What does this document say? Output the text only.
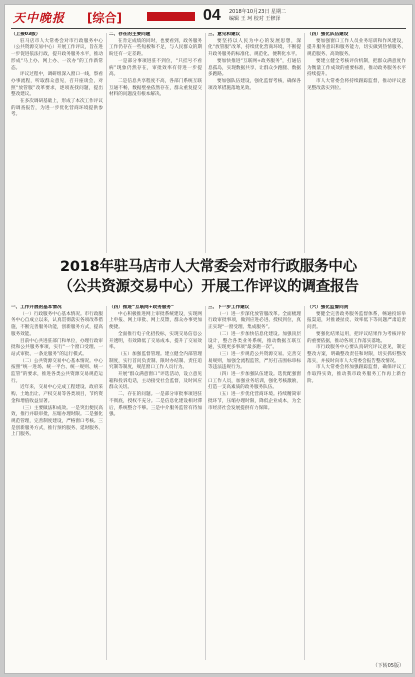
天中晚报 [综合]	04 2018年10月23日 星期二
编辑 王 珂 校对 王修泽

（上接03版）

驻马店市人大常委会对市行政服务中心（公共资源交易中心）开展工作评议，旨在进一步促进依法行政，提升政务服务水平，推动形成“马上办、网上办、一次办”的工作新常态。

评议过程中，调研组深入窗口一线，察看办事流程，听取群众意见，召开座谈会，对照“放管服”改革要求，逐项查找问题，提出整改建议。

在多次调研基础上，形成了本次工作评议的调查报告，为进一步优化营商环境提供参考。

二、存在的主要问题

在肯定成绩的同时，也要看到，政务服务工作仍存在一些短板和不足，与人民群众的期盼还有一定差距。

一是部分事项进驻不到位，“只挂号不看病”现象仍然存在，审批效率有待进一步提高。

二是信息共享程度不高，各部门系统互联互通不畅，数据壁垒依然存在，群众重复提交材料的问题没有根本解决。

三、意见和建议

要坚持以人民为中心的发展思想，深化“放管服”改革，持续优化营商环境，不断提升政务服务的标准化、规范化、便利化水平。

要加快推进“互联网+政务服务”，打通信息孤岛，实现数据共享，让群众少跑腿、数据多跑路。

要加强队伍建设，强化监督考核，确保各项改革措施落地见效。

（四）强化队伍建设

要加强窗口工作人员业务培训和作风建设，提升服务意识和服务能力，切实做到热情服务、规范服务、高效服务。

要建立健全考核评价机制，把群众满意度作为衡量工作成效的重要标准，推动政务服务水平持续提升。

市人大常委会将持续跟踪监督，推动评议意见整改落实到位。

2018年驻马店市人大常委会对市行政服务中心
（公共资源交易中心）开展工作评议的调查报告

一、工作开展的基本情况

（一）行政服务中心基本情况。市行政服务中心自成立以来，认真贯彻落实各项改革措施，不断完善服务功能，创新服务方式，提高服务效能。

目前中心共进驻部门和单位，办理行政审批和公共服务事项，实行“一个窗口受理、一站式审批、一条龙服务”的运行模式。

（二）公共资源交易中心基本情况。中心按照“统一进场、统一平台、统一规则、统一监管”的要求，推进各类公共资源交易规范运行。

近年来，交易中心完成工程建设、政府采购、土地出让、产权交易等各类项目，节约资金和增值收益显著。

（三）主要做法和成效。一是突出便民高效，推行并联审批，压缩办理时限。二是强化规范管理，完善制度建设，严格窗口考核。三是创新服务方式，推行预约服务、延时服务、上门服务。

（四）推进“互联网+政务服务”

中心积极推进网上审批系统建设，实现网上申报、网上审批、网上反馈，群众办事更加便捷。

全面推行电子化招投标，实现交易信息公开透明，有效降低了交易成本，提升了交易效率。

（五）加强监督管理。建立健全内部管理制度，实行首问负责制、限时办结制、责任追究制等制度，规范窗口工作人员行为。

开展“群众满意窗口”评选活动，设立意见箱和投诉电话，主动接受社会监督，及时回应群众关切。

二、存在的问题。一是部分审批事项进驻不彻底，授权不充分。二是信息化建设相对滞后，系统整合不够。三是中介服务监管有待加强。

三、下一步工作建议

（一）进一步深化放管服改革。全面梳理行政审批事项，做到应进必进、授权到位，真正实现“一窗受理、集成服务”。

（二）进一步加快信息化建设。加强顶层设计，整合各类业务系统，推动数据互联互通，实现更多事项“最多跑一次”。

（三）进一步规范公共资源交易。完善交易规则，加强全流程监管，严厉打击围标串标等违法违规行为。

（四）进一步加强队伍建设。选优配强窗口工作人员，加强业务培训，强化考核激励，打造一支高素质的政务服务队伍。

（五）进一步优化营商环境。持续精简审批环节，压缩办理时限，降低企业成本，为全市经济社会发展提供有力保障。

（六）强化监督问责

要健全完善政务服务监督体系，畅通投诉举报渠道，对推诿扯皮、效率低下等问题严肃追责问责。

要强化结果运用，把评议结果作为考核评价的重要依据，推动各项工作落实落地。

市行政服务中心要认真研究评议意见，制定整改方案，明确整改责任和时限，切实抓好整改落实，并按时向市人大常委会报告整改情况。

市人大常委会将加强跟踪监督，确保评议工作取得实效，推动我市政务服务工作再上新台阶。

（下转05版）
